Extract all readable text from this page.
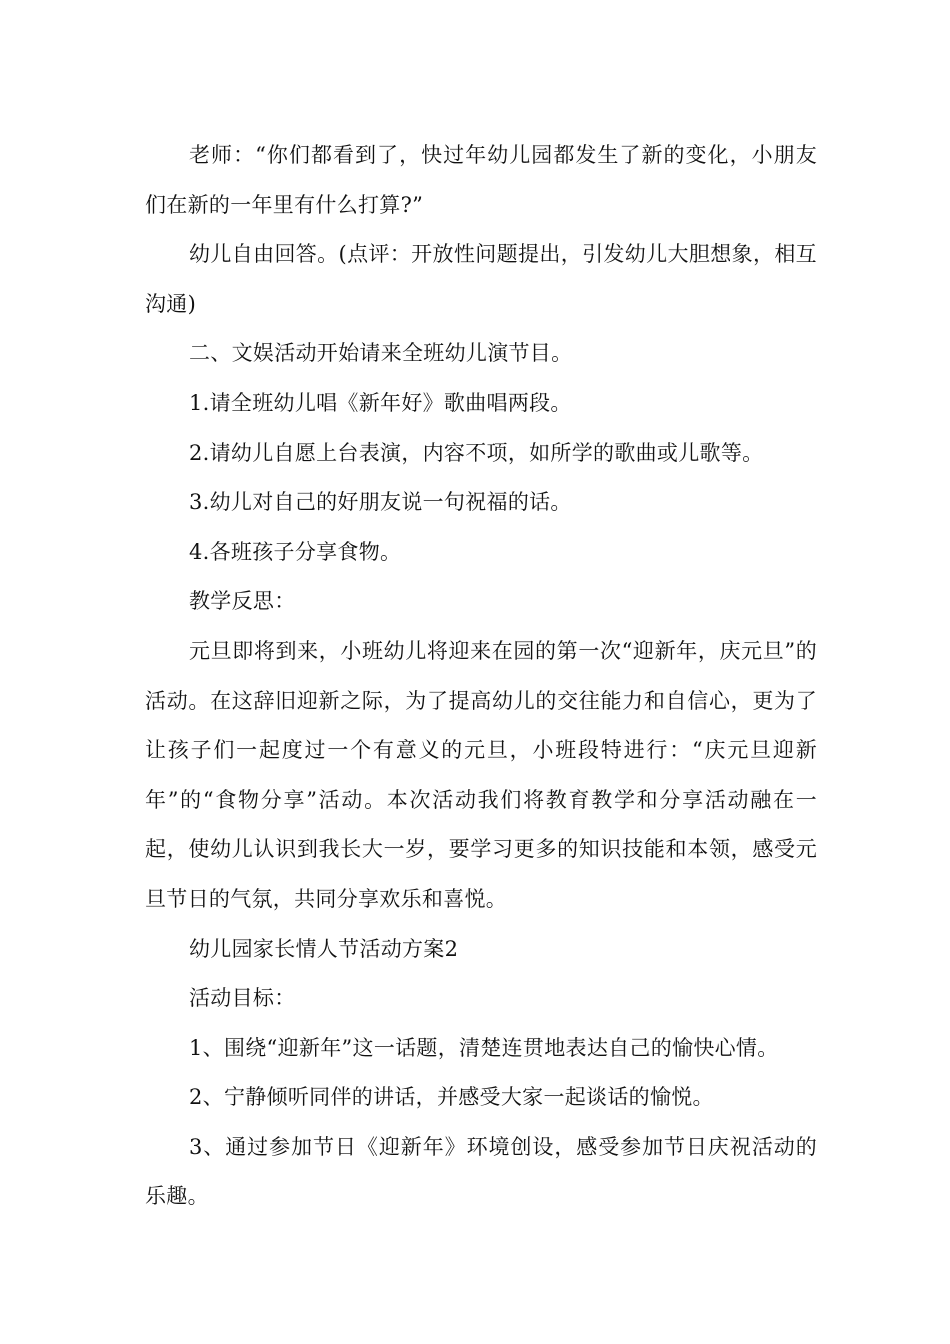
老师：“你们都看到了，快过年幼儿园都发生了新的变化，小朋友们在新的一年里有什么打算?”

幼儿自由回答。(点评：开放性问题提出，引发幼儿大胆想象，相互沟通)

二、文娱活动开始请来全班幼儿演节目。

1.请全班幼儿唱《新年好》歌曲唱两段。

2.请幼儿自愿上台表演，内容不项，如所学的歌曲或儿歌等。

3.幼儿对自己的好朋友说一句祝福的话。

4.各班孩子分享食物。

教学反思：

元旦即将到来，小班幼儿将迎来在园的第一次“迎新年，庆元旦”的活动。在这辞旧迎新之际，为了提高幼儿的交往能力和自信心，更为了让孩子们一起度过一个有意义的元旦，小班段特进行：“庆元旦迎新年”的“食物分享”活动。本次活动我们将教育教学和分享活动融在一起，使幼儿认识到我长大一岁，要学习更多的知识技能和本领，感受元旦节日的气氛，共同分享欢乐和喜悦。

幼儿园家长情人节活动方案2

活动目标：

1、围绕“迎新年”这一话题，清楚连贯地表达自己的愉快心情。

2、宁静倾听同伴的讲话，并感受大家一起谈话的愉悦。

3、通过参加节日《迎新年》环境创设，感受参加节日庆祝活动的乐趣。
